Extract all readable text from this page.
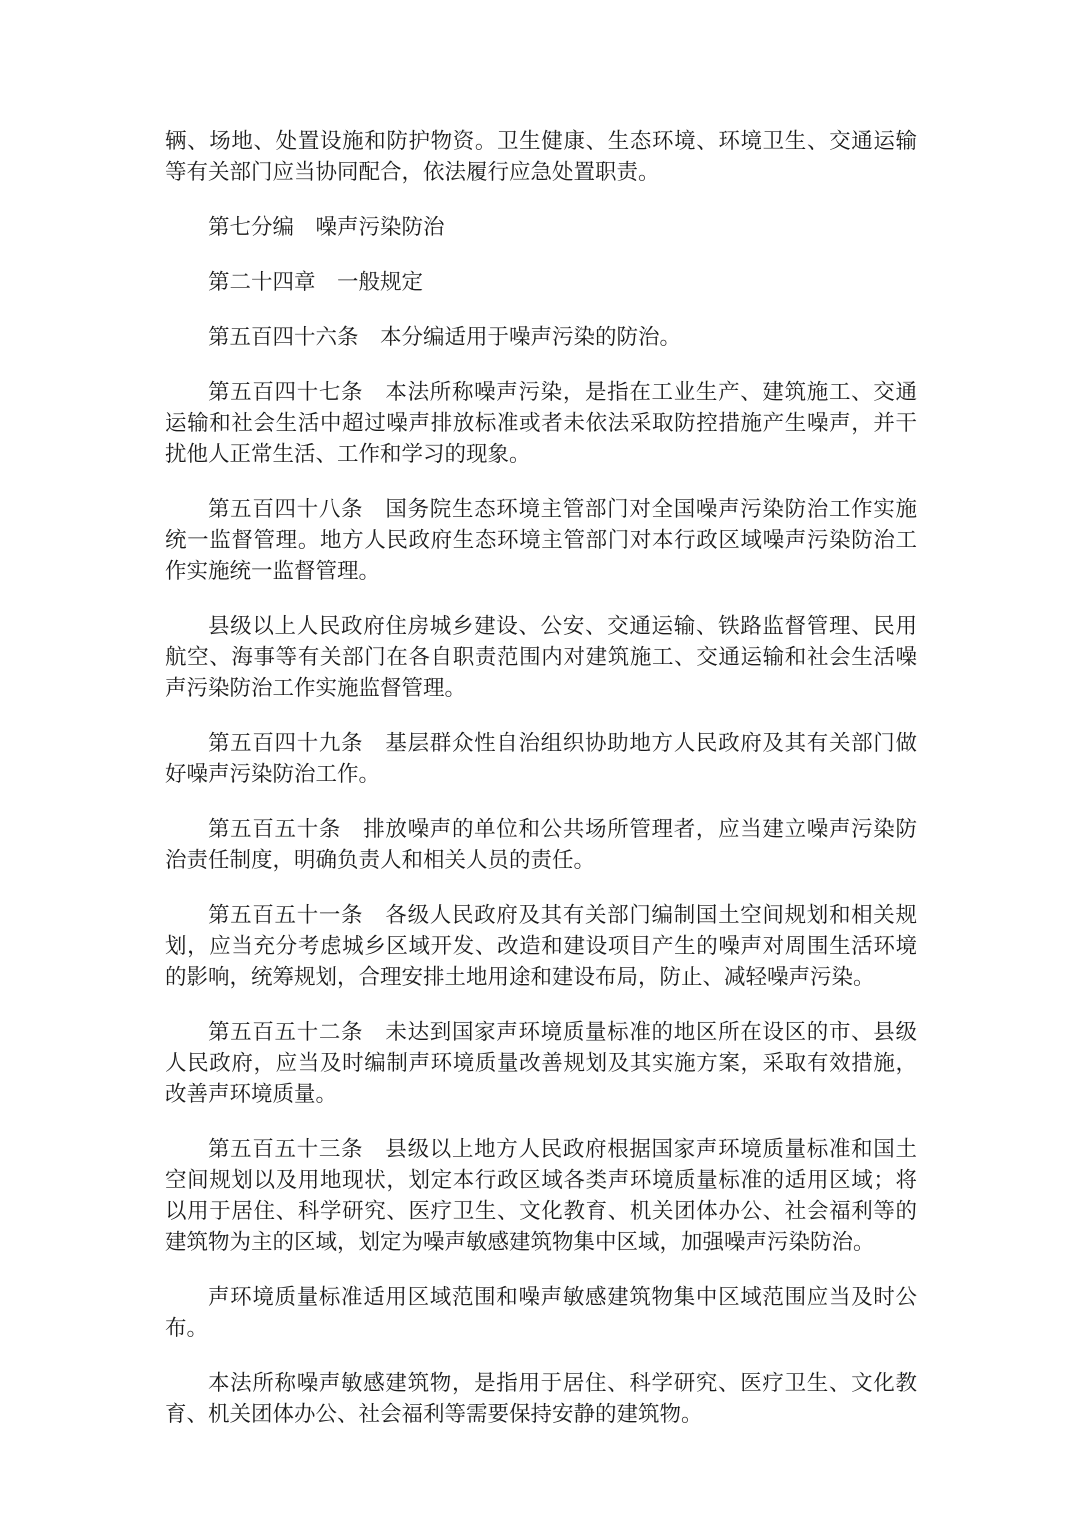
辆、场地、处置设施和防护物资。卫生健康、生态环境、环境卫生、交通运输等有关部门应当协同配合，依法履行应急处置职责。

第七分编　噪声污染防治

第二十四章　一般规定

第五百四十六条　本分编适用于噪声污染的防治。

第五百四十七条　本法所称噪声污染，是指在工业生产、建筑施工、交通运输和社会生活中超过噪声排放标准或者未依法采取防控措施产生噪声，并干扰他人正常生活、工作和学习的现象。

第五百四十八条　国务院生态环境主管部门对全国噪声污染防治工作实施统一监督管理。地方人民政府生态环境主管部门对本行政区域噪声污染防治工作实施统一监督管理。

县级以上人民政府住房城乡建设、公安、交通运输、铁路监督管理、民用航空、海事等有关部门在各自职责范围内对建筑施工、交通运输和社会生活噪声污染防治工作实施监督管理。

第五百四十九条　基层群众性自治组织协助地方人民政府及其有关部门做好噪声污染防治工作。

第五百五十条　排放噪声的单位和公共场所管理者，应当建立噪声污染防治责任制度，明确负责人和相关人员的责任。

第五百五十一条　各级人民政府及其有关部门编制国土空间规划和相关规划，应当充分考虑城乡区域开发、改造和建设项目产生的噪声对周围生活环境的影响，统筹规划，合理安排土地用途和建设布局，防止、减轻噪声污染。

第五百五十二条　未达到国家声环境质量标准的地区所在设区的市、县级人民政府，应当及时编制声环境质量改善规划及其实施方案，采取有效措施，改善声环境质量。

第五百五十三条　县级以上地方人民政府根据国家声环境质量标准和国土空间规划以及用地现状，划定本行政区域各类声环境质量标准的适用区域；将以用于居住、科学研究、医疗卫生、文化教育、机关团体办公、社会福利等的建筑物为主的区域，划定为噪声敏感建筑物集中区域，加强噪声污染防治。

声环境质量标准适用区域范围和噪声敏感建筑物集中区域范围应当及时公布。

本法所称噪声敏感建筑物，是指用于居住、科学研究、医疗卫生、文化教育、机关团体办公、社会福利等需要保持安静的建筑物。
